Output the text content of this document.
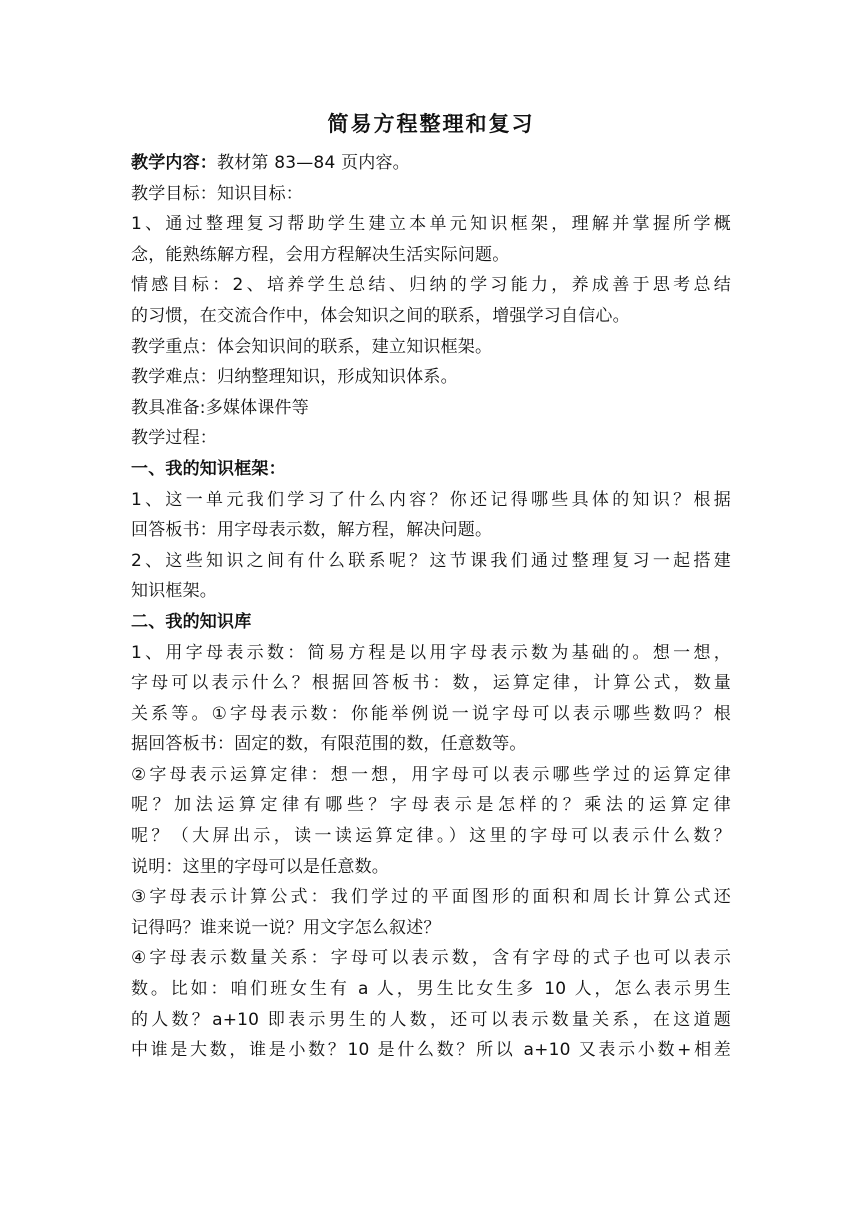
简易方程整理和复习

教学内容：教材第 83—84 页内容。

教学目标：知识目标：

1、通过整理复习帮助学生建立本单元知识框架，理解并掌握所学概

念，能熟练解方程，会用方程解决生活实际问题。

情感目标：2、培养学生总结、归纳的学习能力，养成善于思考总结

的习惯，在交流合作中，体会知识之间的联系，增强学习自信心。

教学重点：体会知识间的联系，建立知识框架。

教学难点：归纳整理知识，形成知识体系。

教具准备:多媒体课件等

教学过程：

一、我的知识框架：

1、这一单元我们学习了什么内容？你还记得哪些具体的知识？根据

回答板书：用字母表示数，解方程，解决问题。

2、这些知识之间有什么联系呢？这节课我们通过整理复习一起搭建

知识框架。

二、我的知识库

1、用字母表示数：简易方程是以用字母表示数为基础的。想一想，

字母可以表示什么？根据回答板书：数，运算定律，计算公式，数量

关系等。①字母表示数：你能举例说一说字母可以表示哪些数吗？根

据回答板书：固定的数，有限范围的数，任意数等。

②字母表示运算定律：想一想，用字母可以表示哪些学过的运算定律

呢？加法运算定律有哪些？字母表示是怎样的？乘法的运算定律

呢？（大屏出示，读一读运算定律。）这里的字母可以表示什么数？

说明：这里的字母可以是任意数。

③字母表示计算公式：我们学过的平面图形的面积和周长计算公式还

记得吗？谁来说一说？用文字怎么叙述？

④字母表示数量关系：字母可以表示数，含有字母的式子也可以表示

数。比如：咱们班女生有 a 人，男生比女生多 10 人，怎么表示男生

的人数？a+10 即表示男生的人数，还可以表示数量关系，在这道题

中谁是大数，谁是小数？10 是什么数？所以 a+10 又表示小数+相差
